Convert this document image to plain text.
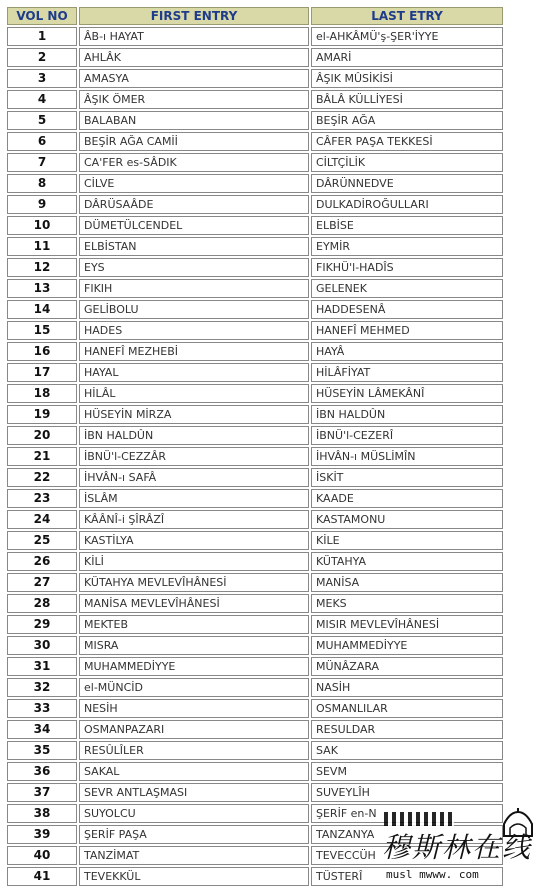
VOL NO	FIRST ENTRY	LAST ETRY
1	ÂB-ı HAYAT	el-AHKÂMÜ'ş-ŞER'İYYE
2	AHLÂK	AMARİ
3	AMASYA	ÂŞIK MÛSİKİSİ
4	ÂŞIK ÖMER	BÂLÂ KÜLLİYESİ
5	BALABAN	BEŞİR AĞA
6	BEŞİR AĞA CAMİİ	CÂFER PAŞA TEKKESİ
7	CA'FER es-SÂDIK	CİLTÇİLİK
8	CİLVE	DÂRÜNNEDVE
9	DÂRÜSAÂDE	DULKADİROĞULLARI
10	DÜMETÜLCENDEL	ELBİSE
11	ELBİSTAN	EYMİR
12	EYS	FIKHÜ'l-HADÎS
13	FIKIH	GELENEK
14	GELİBOLU	HADDESENÂ
15	HADES	HANEFÎ MEHMED
16	HANEFÎ MEZHEBİ	HAYÂ
17	HAYAL	HİLÂFİYAT
18	HİLÂL	HÜSEYİN LÂMEKÂNÎ
19	HÜSEYİN MİRZA	İBN HALDÛN
20	İBN HALDÛN	İBNÜ'l-CEZERÎ
21	İBNÜ'l-CEZZÂR	İHVÂN-ı MÜSLİMÎN
22	İHVÂN-ı SAFÂ	İSKİT
23	İSLÂM	KAADE
24	KÂÂNÎ-i ŞÎRÂZÎ	KASTAMONU
25	KASTİLYA	KİLE
26	KİLİ	KÜTAHYA
27	KÜTAHYA MEVLEVÎHÂNESİ	MANİSA
28	MANİSA MEVLEVÎHÂNESİ	MEKS
29	MEKTEB	MISIR MEVLEVÎHÂNESİ
30	MISRA	MUHAMMEDİYYE
31	MUHAMMEDİYYE	MÜNÂZARA
32	el-MÜNCİD	NASİH
33	NESİH	OSMANLILAR
34	OSMANPAZARI	RESULDAR
35	RESÛLÎLER	SAK
36	SAKAL	SEVM
37	SEVR ANTLAŞMASI	SUVEYLÎH
38	SUYOLCU	ŞERİF en-N
39	ŞERİF PAŞA	TANZANYA
40	TANZİMAT	TEVECCÜH
41	TEVEKKÜL	TÜSTERÎ
穆斯林在线
musl mwww. com
